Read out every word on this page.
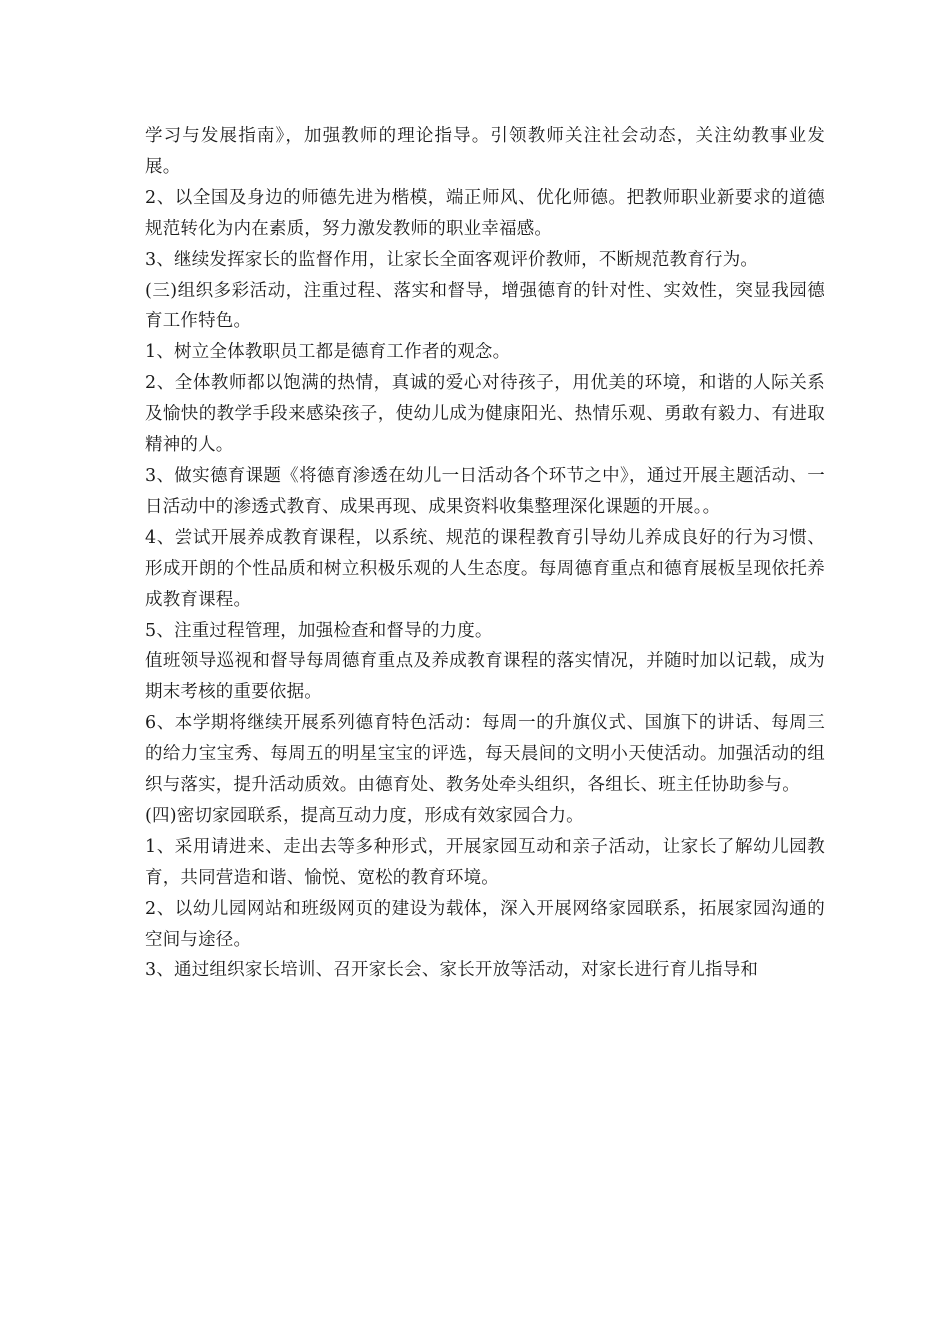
学习与发展指南》，加强教师的理论指导。引领教师关注社会动态，关注幼教事业发展。

2、以全国及身边的师德先进为楷模，端正师风、优化师德。把教师职业新要求的道德规范转化为内在素质，努力激发教师的职业幸福感。

3、继续发挥家长的监督作用，让家长全面客观评价教师，不断规范教育行为。

(三)组织多彩活动，注重过程、落实和督导，增强德育的针对性、实效性，突显我园德育工作特色。

1、树立全体教职员工都是德育工作者的观念。

2、全体教师都以饱满的热情，真诚的爱心对待孩子，用优美的环境，和谐的人际关系及愉快的教学手段来感染孩子，使幼儿成为健康阳光、热情乐观、勇敢有毅力、有进取精神的人。

3、做实德育课题《将德育渗透在幼儿一日活动各个环节之中》，通过开展主题活动、一日活动中的渗透式教育、成果再现、成果资料收集整理深化课题的开展。。

4、尝试开展养成教育课程，以系统、规范的课程教育引导幼儿养成良好的行为习惯、形成开朗的个性品质和树立积极乐观的人生态度。每周德育重点和德育展板呈现依托养成教育课程。

5、注重过程管理，加强检查和督导的力度。

值班领导巡视和督导每周德育重点及养成教育课程的落实情况，并随时加以记载，成为期末考核的重要依据。

6、本学期将继续开展系列德育特色活动：每周一的升旗仪式、国旗下的讲话、每周三的给力宝宝秀、每周五的明星宝宝的评选，每天晨间的文明小天使活动。加强活动的组织与落实，提升活动质效。由德育处、教务处牵头组织，各组长、班主任协助参与。

(四)密切家园联系，提高互动力度，形成有效家园合力。

1、采用请进来、走出去等多种形式，开展家园互动和亲子活动，让家长了解幼儿园教育，共同营造和谐、愉悦、宽松的教育环境。

2、以幼儿园网站和班级网页的建设为载体，深入开展网络家园联系，拓展家园沟通的空间与途径。

3、通过组织家长培训、召开家长会、家长开放等活动，对家长进行育儿指导和
